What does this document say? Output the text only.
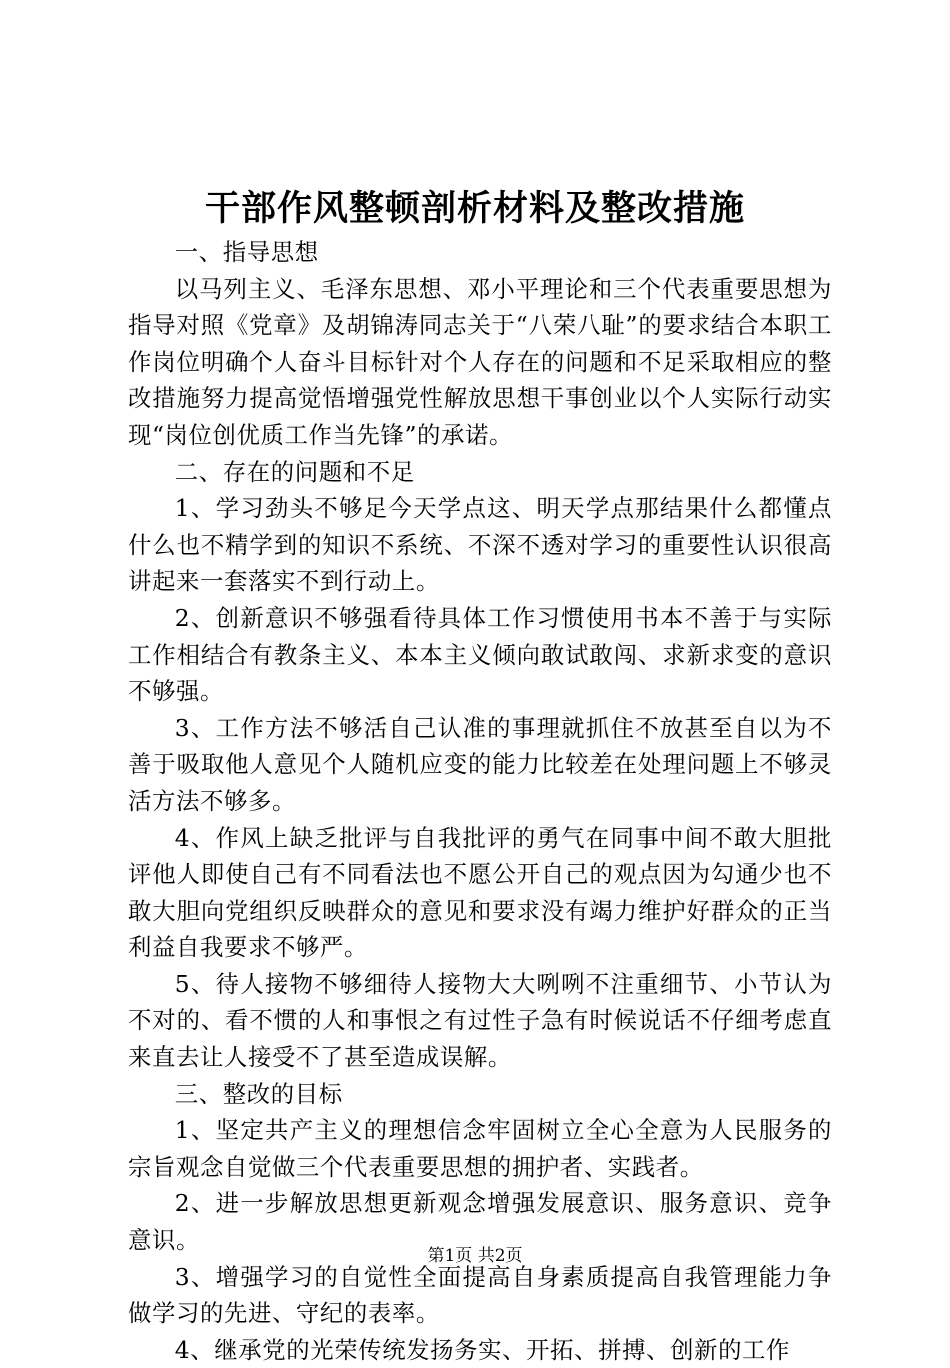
干部作风整顿剖析材料及整改措施

一、指导思想

以马列主义、毛泽东思想、邓小平理论和三个代表重要思想为指导对照《党章》及胡锦涛同志关于“八荣八耻”的要求结合本职工作岗位明确个人奋斗目标针对个人存在的问题和不足采取相应的整改措施努力提高觉悟增强党性解放思想干事创业以个人实际行动实现“岗位创优质工作当先锋”的承诺。

二、存在的问题和不足

1、学习劲头不够足今天学点这、明天学点那结果什么都懂点什么也不精学到的知识不系统、不深不透对学习的重要性认识很高讲起来一套落实不到行动上。

2、创新意识不够强看待具体工作习惯使用书本不善于与实际工作相结合有教条主义、本本主义倾向敢试敢闯、求新求变的意识不够强。

3、工作方法不够活自己认准的事理就抓住不放甚至自以为不善于吸取他人意见个人随机应变的能力比较差在处理问题上不够灵活方法不够多。

4、作风上缺乏批评与自我批评的勇气在同事中间不敢大胆批评他人即使自己有不同看法也不愿公开自己的观点因为勾通少也不敢大胆向党组织反映群众的意见和要求没有竭力维护好群众的正当利益自我要求不够严。

5、待人接物不够细待人接物大大咧咧不注重细节、小节认为不对的、看不惯的人和事恨之有过性子急有时候说话不仔细考虑直来直去让人接受不了甚至造成误解。

三、整改的目标

1、坚定共产主义的理想信念牢固树立全心全意为人民服务的宗旨观念自觉做三个代表重要思想的拥护者、实践者。

2、进一步解放思想更新观念增强发展意识、服务意识、竞争意识。

3、增强学习的自觉性全面提高自身素质提高自我管理能力争做学习的先进、守纪的表率。

4、继承党的光荣传统发扬务实、开拓、拼搏、创新的工作

第1页 共2页
